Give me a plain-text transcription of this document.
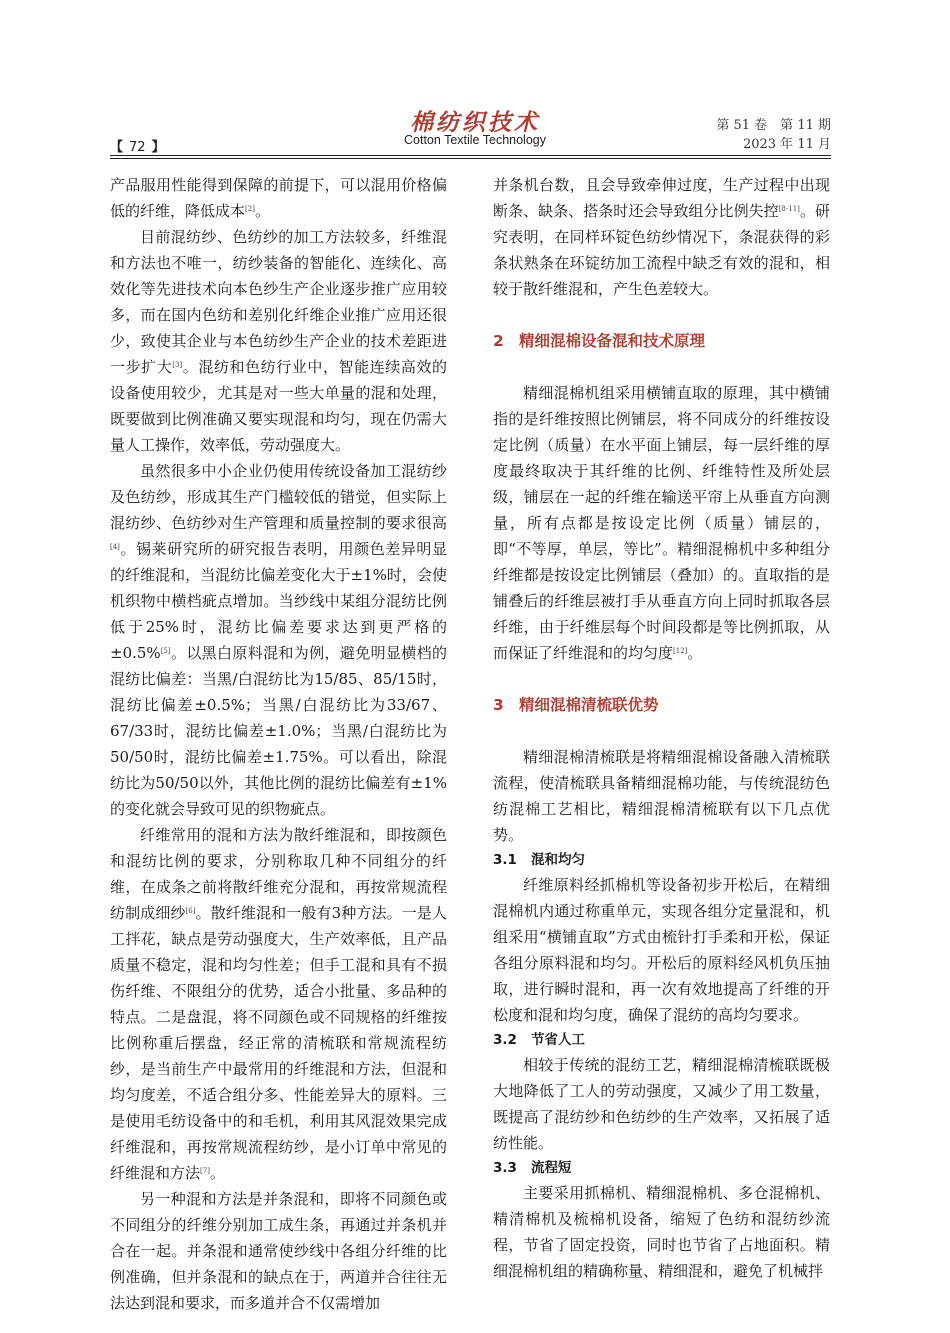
棉纺织技术
Cotton Textile Technology
【 72 】
第 51 卷　第 11 期
2023 年 11 月

产品服用性能得到保障的前提下，可以混用价格偏低的纤维，降低成本[2]。

目前混纺纱、色纺纱的加工方法较多，纤维混和方法也不唯一，纺纱装备的智能化、连续化、高效化等先进技术向本色纱生产企业逐步推广应用较多，而在国内色纺和差别化纤维企业推广应用还很少，致使其企业与本色纺纱生产企业的技术差距进一步扩大[3]。混纺和色纺行业中，智能连续高效的设备使用较少，尤其是对一些大单量的混和处理，既要做到比例准确又要实现混和均匀，现在仍需大量人工操作，效率低，劳动强度大。

虽然很多中小企业仍使用传统设备加工混纺纱及色纺纱，形成其生产门槛较低的错觉，但实际上混纺纱、色纺纱对生产管理和质量控制的要求很高[4]。锡莱研究所的研究报告表明，用颜色差异明显的纤维混和，当混纺比偏差变化大于±1%时，会使机织物中横档疵点增加。当纱线中某组分混纺比例低于25%时，混纺比偏差要求达到更严格的±0.5%[5]。以黑白原料混和为例，避免明显横档的混纺比偏差：当黑/白混纺比为15/85、85/15时，混纺比偏差±0.5%；当黑/白混纺比为33/67、67/33时，混纺比偏差±1.0%；当黑/白混纺比为50/50时，混纺比偏差±1.75%。可以看出，除混纺比为50/50以外，其他比例的混纺比偏差有±1%的变化就会导致可见的织物疵点。

纤维常用的混和方法为散纤维混和，即按颜色和混纺比例的要求，分别称取几种不同组分的纤维，在成条之前将散纤维充分混和，再按常规流程纺制成细纱[6]。散纤维混和一般有3种方法。一是人工拌花，缺点是劳动强度大，生产效率低，且产品质量不稳定，混和均匀性差；但手工混和具有不损伤纤维、不限组分的优势，适合小批量、多品种的特点。二是盘混，将不同颜色或不同规格的纤维按比例称重后摆盘，经正常的清梳联和常规流程纺纱，是当前生产中最常用的纤维混和方法，但混和均匀度差，不适合组分多、性能差异大的原料。三是使用毛纺设备中的和毛机，利用其风混效果完成纤维混和，再按常规流程纺纱，是小订单中常见的纤维混和方法[7]。

另一种混和方法是并条混和，即将不同颜色或不同组分的纤维分别加工成生条，再通过并条机并合在一起。并条混和通常使纱线中各组分纤维的比例准确，但并条混和的缺点在于，两道并合往往无法达到混和要求，而多道并合不仅需增加

并条机台数，且会导致牵伸过度，生产过程中出现断条、缺条、搭条时还会导致组分比例失控[8-11]。研究表明，在同样环锭色纺纱情况下，条混获得的彩条状熟条在环锭纺加工流程中缺乏有效的混和，相较于散纤维混和，产生色差较大。

2 精细混棉设备混和技术原理

精细混棉机组采用横铺直取的原理，其中横铺指的是纤维按照比例铺层，将不同成分的纤维按设定比例（质量）在水平面上铺层，每一层纤维的厚度最终取决于其纤维的比例、纤维特性及所处层级，铺层在一起的纤维在输送平帘上从垂直方向测量，所有点都是按设定比例（质量）铺层的，即“不等厚，单层，等比”。精细混棉机中多种组分纤维都是按设定比例铺层（叠加）的。直取指的是铺叠后的纤维层被打手从垂直方向上同时抓取各层纤维，由于纤维层每个时间段都是等比例抓取，从而保证了纤维混和的均匀度[12]。

3 精细混棉清梳联优势

精细混棉清梳联是将精细混棉设备融入清梳联流程，使清梳联具备精细混棉功能，与传统混纺色纺混棉工艺相比，精细混棉清梳联有以下几点优势。

3.1 混和均匀

纤维原料经抓棉机等设备初步开松后，在精细混棉机内通过称重单元，实现各组分定量混和，机组采用“横铺直取”方式由梳针打手柔和开松，保证各组分原料混和均匀。开松后的原料经风机负压抽取，进行瞬时混和，再一次有效地提高了纤维的开松度和混和均匀度，确保了混纺的高均匀要求。

3.2 节省人工

相较于传统的混纺工艺，精细混棉清梳联既极大地降低了工人的劳动强度，又减少了用工数量，既提高了混纺纱和色纺纱的生产效率，又拓展了适纺性能。

3.3 流程短

主要采用抓棉机、精细混棉机、多仓混棉机、精清棉机及梳棉机设备，缩短了色纺和混纺纱流程，节省了固定投资，同时也节省了占地面积。精细混棉机组的精确称量、精细混和，避免了机械拌
